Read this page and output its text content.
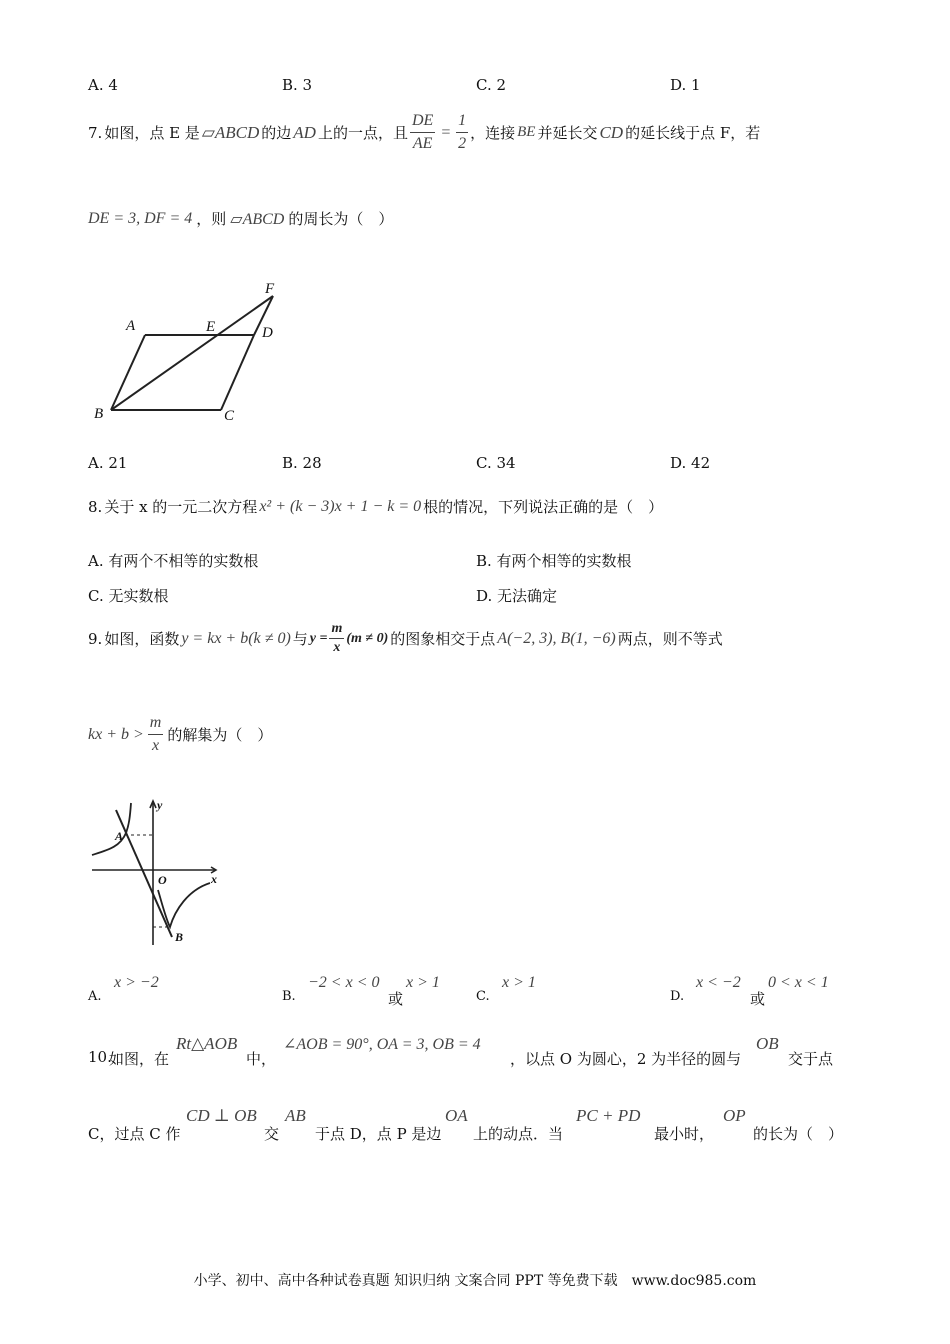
A. 4	B. 3	C. 2	D. 1
7. 如图，点 E 是 ▱ABCD 的边 AD 上的一点，且 $\frac{DE}{AE} = \frac{1}{2}$ ，连接 BE 并延长交 CD 的延长线于点 F，若
DE = 3, DF = 4 ，则 ▱ABCD 的周长为（　）
A	E	D
F
B	C
A. 21	B. 28	C. 34	D. 42
8. 关于 x 的一元二次方程 x² + (k − 3)x + 1 − k = 0 根的情况，下列说法正确的是（　）
A. 有两个不相等的实数根	B. 有两个相等的实数根
C. 无实数根	D. 无法确定
9. 如图，函数 y = kx + b(k ≠ 0) 与 $y = \frac{m}{x} (m \ne 0)$ 的图象相交于点 A(−2, 3), B(1, −6) 两点，则不等式
kx + $b > \frac{m}{x}$ 的解集为（　）
y
A
O	x
B
A.
x > −2
B.
−2 < x < 0
或
x > 1
C.
x > 1
D.
x < −2
或
0 < x < 1
10.
如图，在
Rt△AOB
中，
∠AOB = 90°, OA = 3, OB = 4
，以点 O 为圆心，2 为半径的圆与
OB
交于点
C，过点 C 作
CD ⊥ OB
交
AB
于点 D，点 P 是边
OA
上的动点．当
PC + PD
最小时，
OP
的长为（　）
小学、初中、高中各种试卷真题 知识归纳 文案合同 PPT 等免费下载　www.doc985.com
